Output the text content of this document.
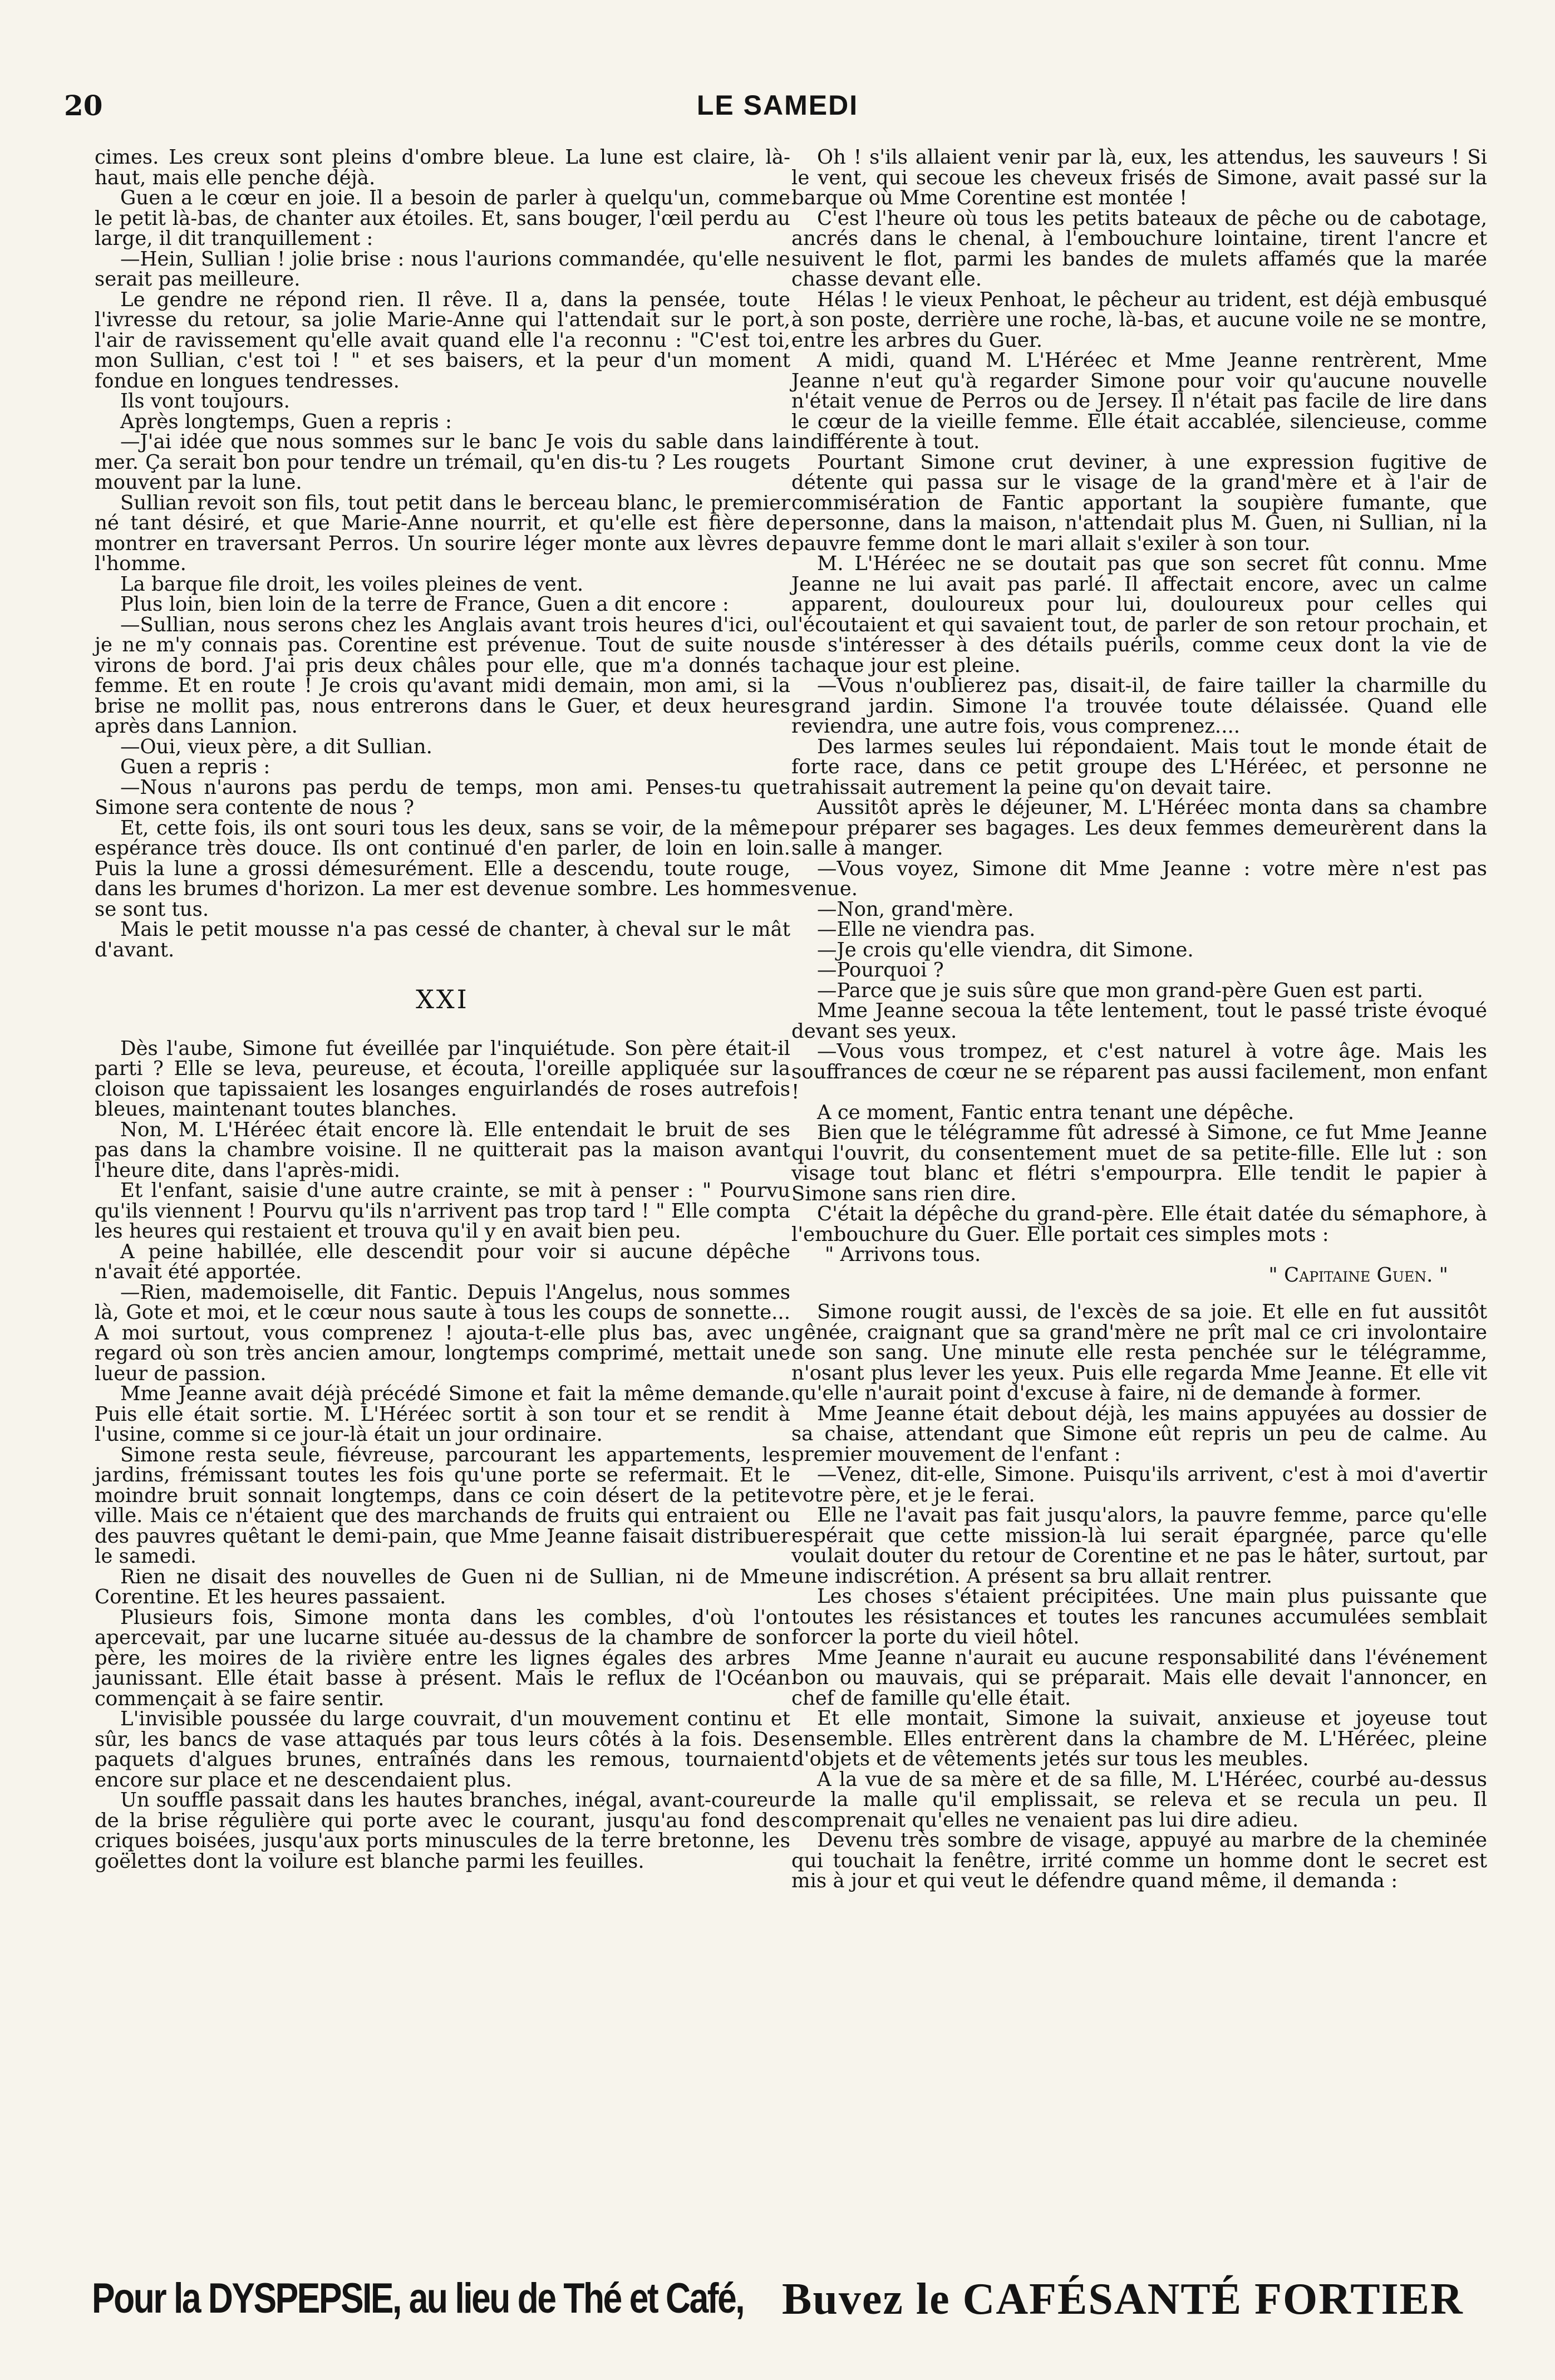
20	LE SAMEDI

cimes. Les creux sont pleins d'ombre bleue. La lune est claire, là-haut, mais elle penche déjà.

Guen a le cœur en joie. Il a besoin de parler à quelqu'un, comme le petit là-bas, de chanter aux étoiles. Et, sans bouger, l'œil perdu au large, il dit tranquillement :

—Hein, Sullian ! jolie brise : nous l'aurions commandée, qu'elle ne serait pas meilleure.

Le gendre ne répond rien. Il rêve. Il a, dans la pensée, toute l'ivresse du retour, sa jolie Marie-Anne qui l'attendait sur le port, l'air de ravissement qu'elle avait quand elle l'a reconnu : "C'est toi, mon Sullian, c'est toi ! " et ses baisers, et la peur d'un moment fondue en longues tendresses.

Ils vont toujours.

Après longtemps, Guen a repris :

—J'ai idée que nous sommes sur le banc Je vois du sable dans la mer. Ça serait bon pour tendre un trémail, qu'en dis-tu ? Les rougets mouvent par la lune.

Sullian revoit son fils, tout petit dans le berceau blanc, le premier né tant désiré, et que Marie-Anne nourrit, et qu'elle est fière de montrer en traversant Perros. Un sourire léger monte aux lèvres de l'homme.

La barque file droit, les voiles pleines de vent.

Plus loin, bien loin de la terre de France, Guen a dit encore :

—Sullian, nous serons chez les Anglais avant trois heures d'ici, ou je ne m'y connais pas. Corentine est prévenue. Tout de suite nous virons de bord. J'ai pris deux châles pour elle, que m'a donnés ta femme. Et en route ! Je crois qu'avant midi demain, mon ami, si la brise ne mollit pas, nous entrerons dans le Guer, et deux heures après dans Lannion.

—Oui, vieux père, a dit Sullian.

Guen a repris :

—Nous n'aurons pas perdu de temps, mon ami. Penses-tu que Simone sera contente de nous ?

Et, cette fois, ils ont souri tous les deux, sans se voir, de la même espérance très douce. Ils ont continué d'en parler, de loin en loin. Puis la lune a grossi démesurément. Elle a descendu, toute rouge, dans les brumes d'horizon. La mer est devenue sombre. Les hommes se sont tus.

Mais le petit mousse n'a pas cessé de chanter, à cheval sur le mât d'avant.

XXI

Dès l'aube, Simone fut éveillée par l'inquiétude. Son père était-il parti ? Elle se leva, peureuse, et écouta, l'oreille appliquée sur la cloison que tapissaient les losanges enguirlandés de roses autrefois bleues, maintenant toutes blanches.

Non, M. L'Héréec était encore là. Elle entendait le bruit de ses pas dans la chambre voisine. Il ne quitterait pas la maison avant l'heure dite, dans l'après-midi.

Et l'enfant, saisie d'une autre crainte, se mit à penser : " Pourvu qu'ils viennent ! Pourvu qu'ils n'arrivent pas trop tard ! " Elle compta les heures qui restaient et trouva qu'il y en avait bien peu.

A peine habillée, elle descendit pour voir si aucune dépêche n'avait été apportée.

—Rien, mademoiselle, dit Fantic. Depuis l'Angelus, nous sommes là, Gote et moi, et le cœur nous saute à tous les coups de sonnette... A moi surtout, vous comprenez ! ajouta-t-elle plus bas, avec un regard où son très ancien amour, longtemps comprimé, mettait une lueur de passion.

Mme Jeanne avait déjà précédé Simone et fait la même demande. Puis elle était sortie. M. L'Héréec sortit à son tour et se rendit à l'usine, comme si ce jour-là était un jour ordinaire.

Simone resta seule, fiévreuse, parcourant les appartements, les jardins, frémissant toutes les fois qu'une porte se refermait. Et le moindre bruit sonnait longtemps, dans ce coin désert de la petite ville. Mais ce n'étaient que des marchands de fruits qui entraient ou des pauvres quêtant le demi-pain, que Mme Jeanne faisait distribuer le samedi.

Rien ne disait des nouvelles de Guen ni de Sullian, ni de Mme Corentine. Et les heures passaient.

Plusieurs fois, Simone monta dans les combles, d'où l'on apercevait, par une lucarne située au-dessus de la chambre de son père, les moires de la rivière entre les lignes égales des arbres jaunissant. Elle était basse à présent. Mais le reflux de l'Océan commençait à se faire sentir.

L'invisible poussée du large couvrait, d'un mouvement continu et sûr, les bancs de vase attaqués par tous leurs côtés à la fois. Des paquets d'algues brunes, entraînés dans les remous, tournaient encore sur place et ne descendaient plus.

Un souffle passait dans les hautes branches, inégal, avant-coureur de la brise régulière qui porte avec le courant, jusqu'au fond des criques boisées, jusqu'aux ports minuscules de la terre bretonne, les goëlettes dont la voilure est blanche parmi les feuilles.

Oh ! s'ils allaient venir par là, eux, les attendus, les sauveurs ! Si le vent, qui secoue les cheveux frisés de Simone, avait passé sur la barque où Mme Corentine est montée !

C'est l'heure où tous les petits bateaux de pêche ou de cabotage, ancrés dans le chenal, à l'embouchure lointaine, tirent l'ancre et suivent le flot, parmi les bandes de mulets affamés que la marée chasse devant elle.

Hélas ! le vieux Penhoat, le pêcheur au trident, est déjà embusqué à son poste, derrière une roche, là-bas, et aucune voile ne se montre, entre les arbres du Guer.

A midi, quand M. L'Héréec et Mme Jeanne rentrèrent, Mme Jeanne n'eut qu'à regarder Simone pour voir qu'aucune nouvelle n'était venue de Perros ou de Jersey. Il n'était pas facile de lire dans le cœur de la vieille femme. Elle était accablée, silencieuse, comme indifférente à tout.

Pourtant Simone crut deviner, à une expression fugitive de détente qui passa sur le visage de la grand'mère et à l'air de commisération de Fantic apportant la soupière fumante, que personne, dans la maison, n'attendait plus M. Guen, ni Sullian, ni la pauvre femme dont le mari allait s'exiler à son tour.

M. L'Héréec ne se doutait pas que son secret fût connu. Mme Jeanne ne lui avait pas parlé. Il affectait encore, avec un calme apparent, douloureux pour lui, douloureux pour celles qui l'écoutaient et qui savaient tout, de parler de son retour prochain, et de s'intéresser à des détails puérils, comme ceux dont la vie de chaque jour est pleine.

—Vous n'oublierez pas, disait-il, de faire tailler la charmille du grand jardin. Simone l'a trouvée toute délaissée. Quand elle reviendra, une autre fois, vous comprenez....

Des larmes seules lui répondaient. Mais tout le monde était de forte race, dans ce petit groupe des L'Héréec, et personne ne trahissait autrement la peine qu'on devait taire.

Aussitôt après le déjeuner, M. L'Héréec monta dans sa chambre pour préparer ses bagages. Les deux femmes demeurèrent dans la salle à manger.

—Vous voyez, Simone dit Mme Jeanne : votre mère n'est pas venue.

—Non, grand'mère.

—Elle ne viendra pas.

—Je crois qu'elle viendra, dit Simone.

—Pourquoi ?

—Parce que je suis sûre que mon grand-père Guen est parti.

Mme Jeanne secoua la tête lentement, tout le passé triste évoqué devant ses yeux.

—Vous vous trompez, et c'est naturel à votre âge. Mais les souffrances de cœur ne se réparent pas aussi facilement, mon enfant !

A ce moment, Fantic entra tenant une dépêche.

Bien que le télégramme fût adressé à Simone, ce fut Mme Jeanne qui l'ouvrit, du consentement muet de sa petite-fille. Elle lut : son visage tout blanc et flétri s'empourpra. Elle tendit le papier à Simone sans rien dire.

C'était la dépêche du grand-père. Elle était datée du sémaphore, à l'embouchure du Guer. Elle portait ces simples mots :

" Arrivons tous.

" Capitaine Guen. "

Simone rougit aussi, de l'excès de sa joie. Et elle en fut aussitôt gênée, craignant que sa grand'mère ne prît mal ce cri involontaire de son sang. Une minute elle resta penchée sur le télégramme, n'osant plus lever les yeux. Puis elle regarda Mme Jeanne. Et elle vit qu'elle n'aurait point d'excuse à faire, ni de demande à former.

Mme Jeanne était debout déjà, les mains appuyées au dossier de sa chaise, attendant que Simone eût repris un peu de calme. Au premier mouvement de l'enfant :

—Venez, dit-elle, Simone. Puisqu'ils arrivent, c'est à moi d'avertir votre père, et je le ferai.

Elle ne l'avait pas fait jusqu'alors, la pauvre femme, parce qu'elle espérait que cette mission-là lui serait épargnée, parce qu'elle voulait douter du retour de Corentine et ne pas le hâter, surtout, par une indiscrétion. A présent sa bru allait rentrer.

Les choses s'étaient précipitées. Une main plus puissante que toutes les résistances et toutes les rancunes accumulées semblait forcer la porte du vieil hôtel.

Mme Jeanne n'aurait eu aucune responsabilité dans l'événement bon ou mauvais, qui se préparait. Mais elle devait l'annoncer, en chef de famille qu'elle était.

Et elle montait, Simone la suivait, anxieuse et joyeuse tout ensemble. Elles entrèrent dans la chambre de M. L'Héréec, pleine d'objets et de vêtements jetés sur tous les meubles.

A la vue de sa mère et de sa fille, M. L'Héréec, courbé au-dessus de la malle qu'il emplissait, se releva et se recula un peu. Il comprenait qu'elles ne venaient pas lui dire adieu.

Devenu très sombre de visage, appuyé au marbre de la cheminée qui touchait la fenêtre, irrité comme un homme dont le secret est mis à jour et qui veut le défendre quand même, il demanda :

Pour la DYSPEPSIE, au lieu de Thé et Café, Buvez le CAFÉSANTÉ FORTIER
